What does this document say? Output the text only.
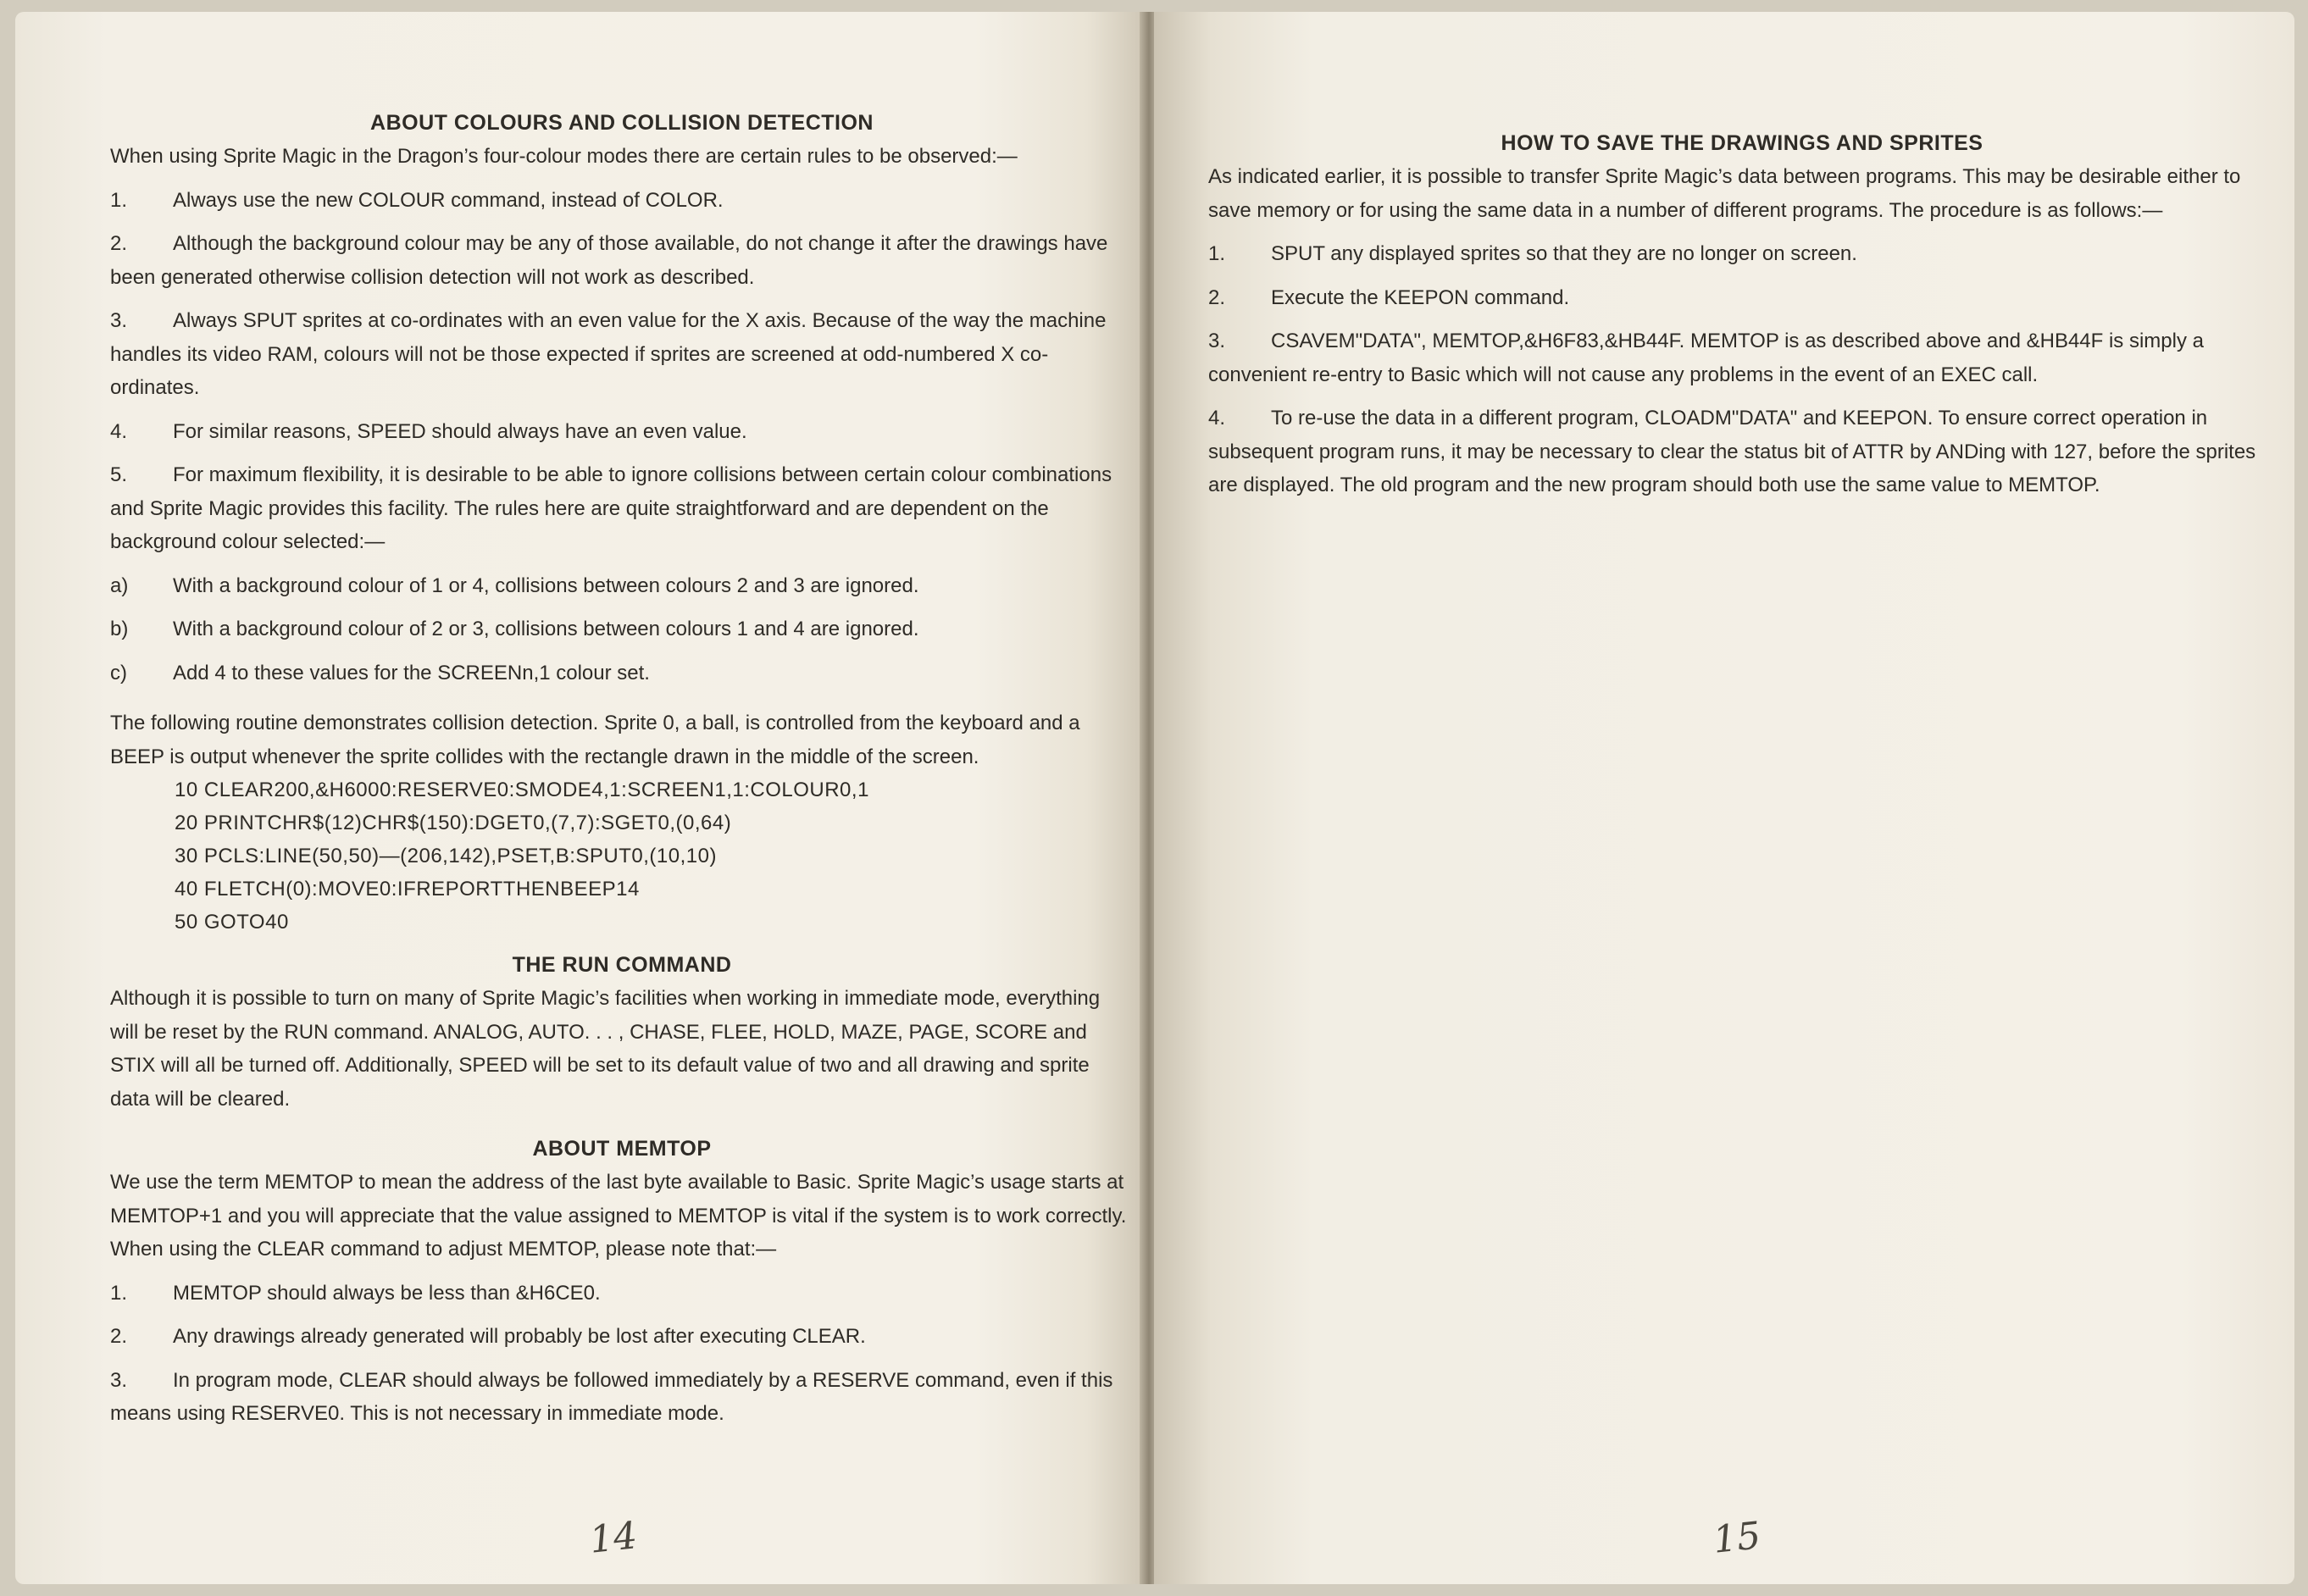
ABOUT COLOURS AND COLLISION DETECTION

When using Sprite Magic in the Dragon’s four-colour modes there are certain rules to be observed:—

1. Always use the new COLOUR command, instead of COLOR.

2. Although the background colour may be any of those available, do not change it after the drawings have been generated otherwise collision detection will not work as described.

3. Always SPUT sprites at co-ordinates with an even value for the X axis. Because of the way the machine handles its video RAM, colours will not be those expected if sprites are screened at odd-numbered X co-ordinates.

4. For similar reasons, SPEED should always have an even value.

5. For maximum flexibility, it is desirable to be able to ignore collisions between certain colour combinations and Sprite Magic provides this facility. The rules here are quite straightforward and are dependent on the background colour selected:—

a) With a background colour of 1 or 4, collisions between colours 2 and 3 are ignored.

b) With a background colour of 2 or 3, collisions between colours 1 and 4 are ignored.

c) Add 4 to these values for the SCREENn,1 colour set.

The following routine demonstrates collision detection. Sprite 0, a ball, is controlled from the keyboard and a BEEP is output whenever the sprite collides with the rectangle drawn in the middle of the screen.

10 CLEAR200,&H6000:RESERVE0:SMODE4,1:SCREEN1,1:COLOUR0,1
20 PRINTCHR$(12)CHR$(150):DGET0,(7,7):SGET0,(0,64)
30 PCLS:LINE(50,50)—(206,142),PSET,B:SPUT0,(10,10)
40 FLETCH(0):MOVE0:IFREPORTTHENBEEP14
50 GOTO40
THE RUN COMMAND

Although it is possible to turn on many of Sprite Magic’s facilities when working in immediate mode, everything will be reset by the RUN command. ANALOG, AUTO. . . , CHASE, FLEE, HOLD, MAZE, PAGE, SCORE and STIX will all be turned off. Additionally, SPEED will be set to its default value of two and all drawing and sprite data will be cleared.

ABOUT MEMTOP

We use the term MEMTOP to mean the address of the last byte available to Basic. Sprite Magic’s usage starts at MEMTOP+1 and you will appreciate that the value assigned to MEMTOP is vital if the system is to work correctly. When using the CLEAR command to adjust MEMTOP, please note that:—

1. MEMTOP should always be less than &H6CE0.

2. Any drawings already generated will probably be lost after executing CLEAR.

3. In program mode, CLEAR should always be followed immediately by a RESERVE command, even if this means using RESERVE0. This is not necessary in immediate mode.

14
HOW TO SAVE THE DRAWINGS AND SPRITES

As indicated earlier, it is possible to transfer Sprite Magic’s data between programs. This may be desirable either to save memory or for using the same data in a number of different programs. The procedure is as follows:—

1. SPUT any displayed sprites so that they are no longer on screen.

2. Execute the KEEPON command.

3. CSAVEM"DATA", MEMTOP,&H6F83,&HB44F. MEMTOP is as described above and &HB44F is simply a convenient re-entry to Basic which will not cause any problems in the event of an EXEC call.

4. To re-use the data in a different program, CLOADM"DATA" and KEEPON. To ensure correct operation in subsequent program runs, it may be necessary to clear the status bit of ATTR by ANDing with 127, before the sprites are displayed. The old program and the new program should both use the same value to MEMTOP.

15
